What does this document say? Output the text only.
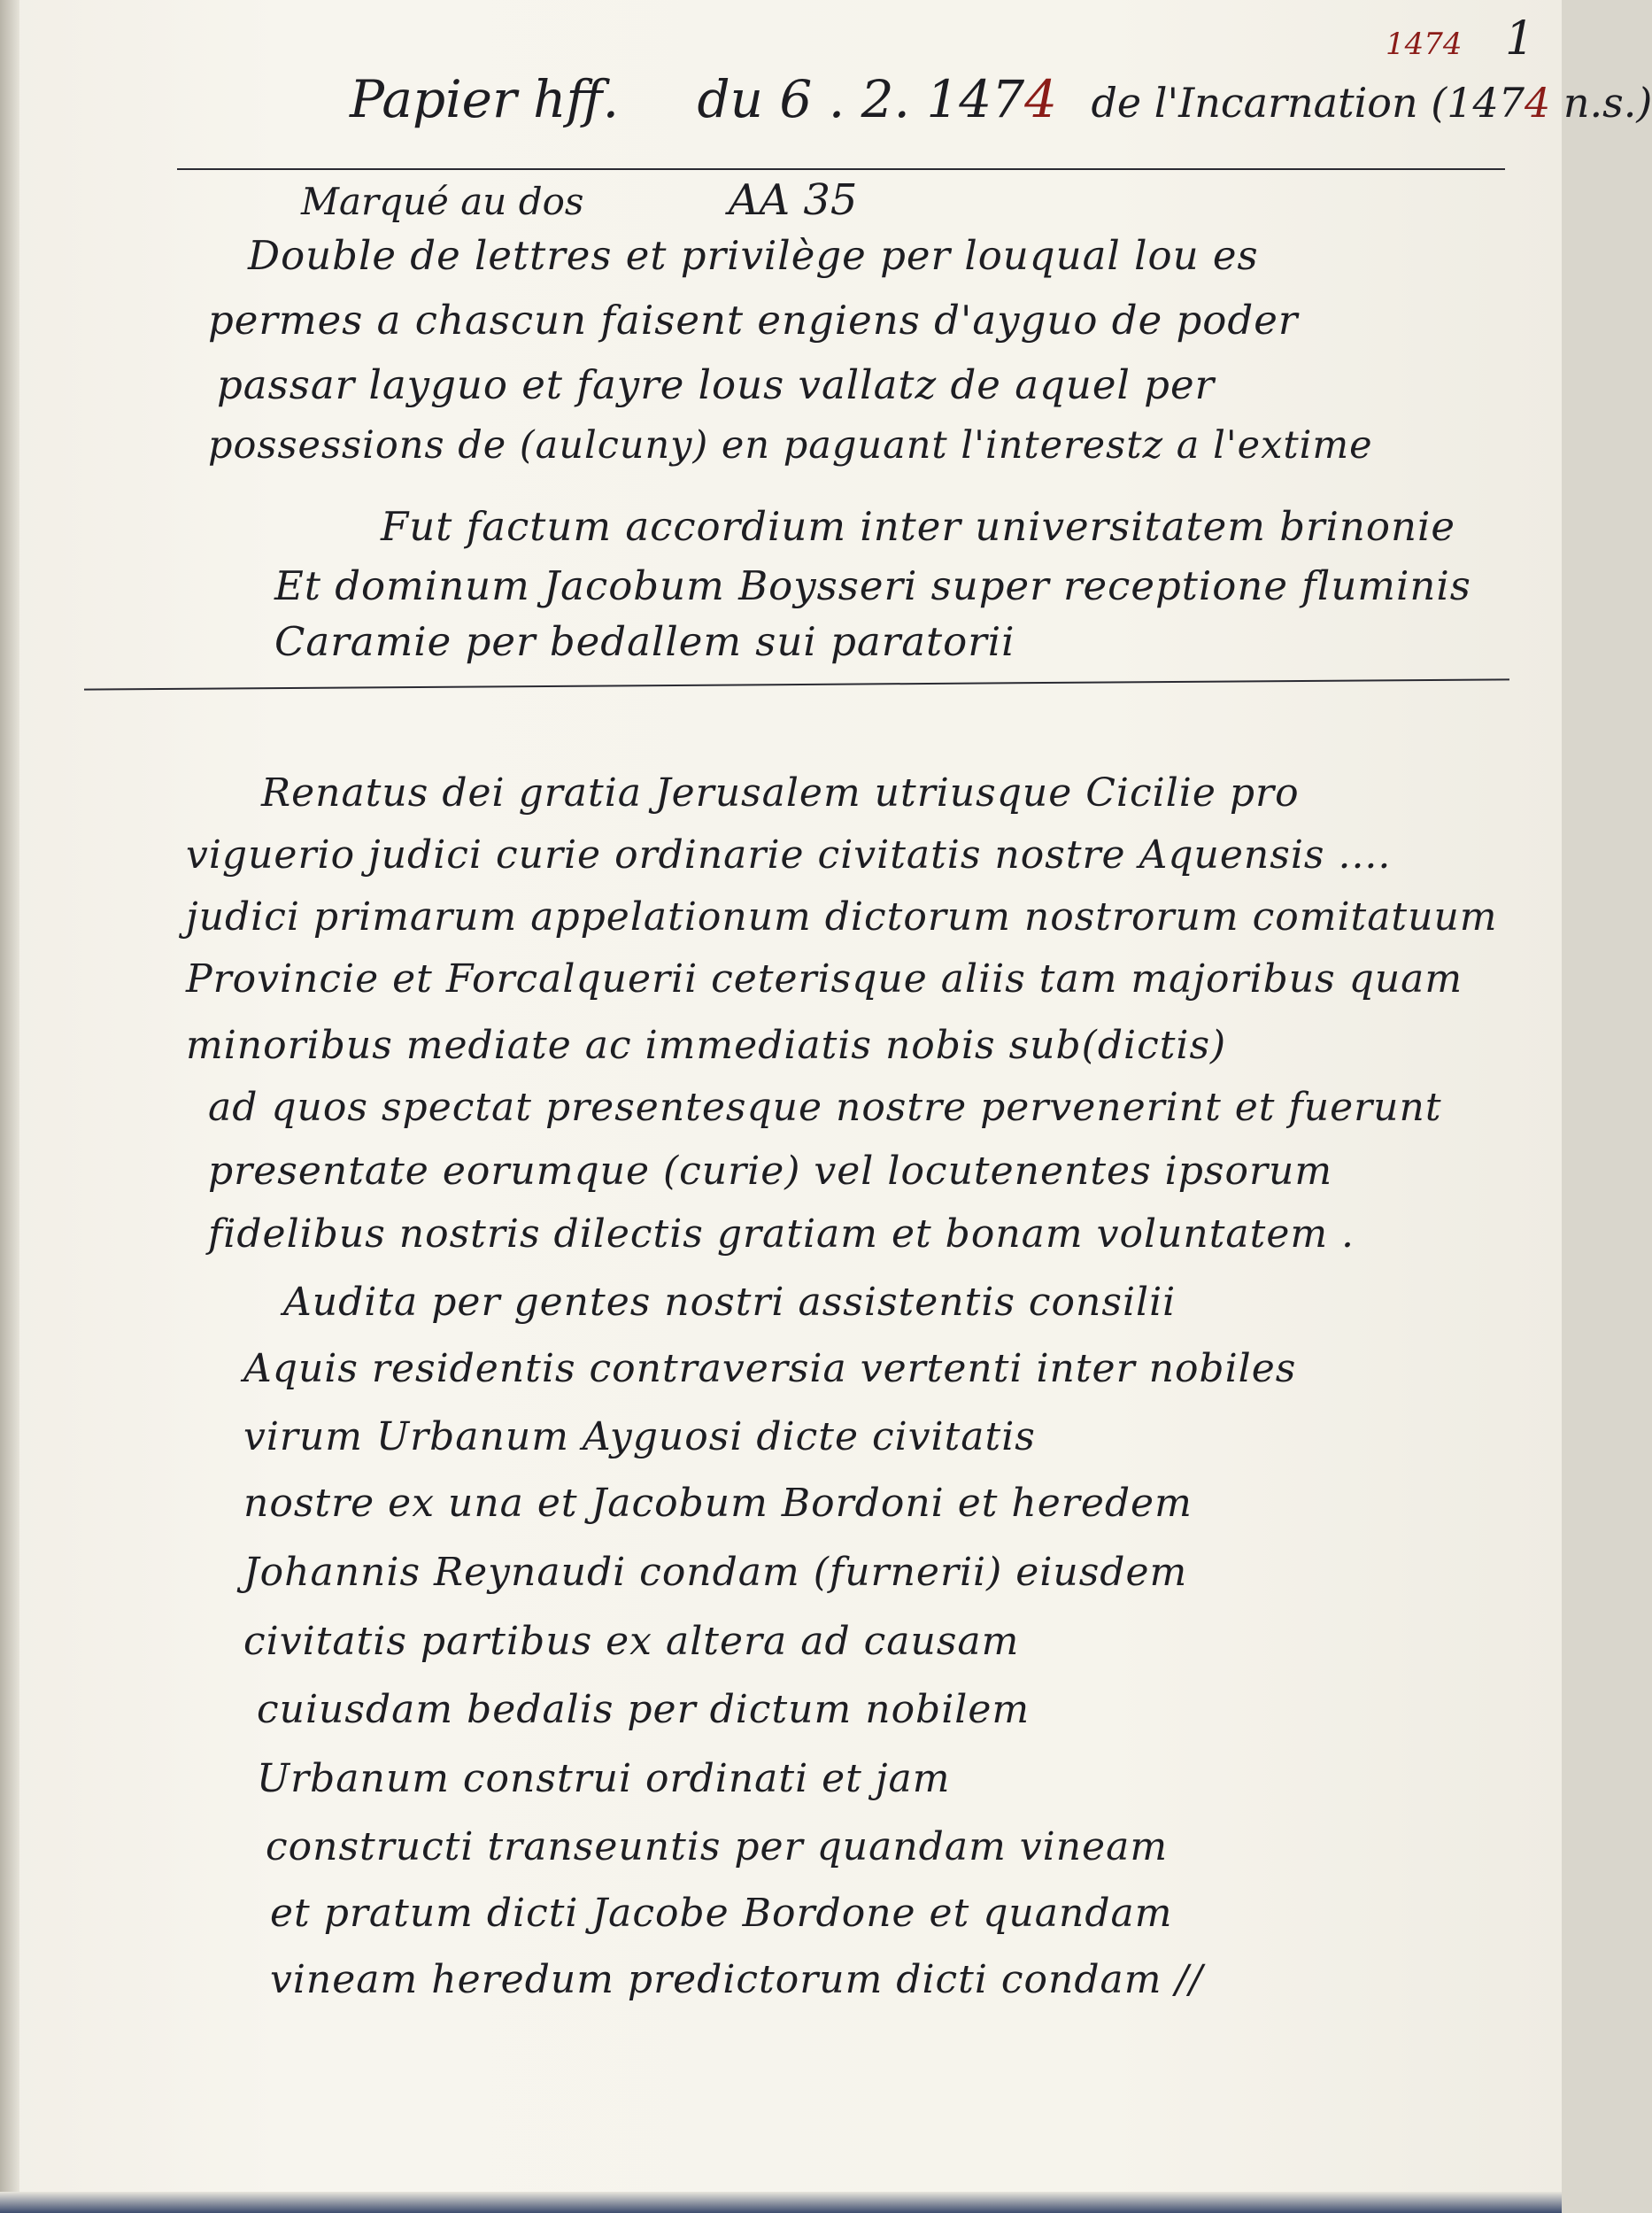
1
1474
Papier hff. du 6 . 2. 1474 de l'Incarnation (1474 n.s.)
Marqué au dos	AA 35
Double de lettres et privilège per louqual lou es
permes a chascun faisent engiens d'ayguo de poder
passar layguo et fayre lous vallatz de aquel per
possessions de (aulcuny) en paguant l'interestz a l'extime
Fut factum accordium inter universitatem brinonie
Et dominum Jacobum Boysseri super receptione fluminis
Caramie per bedallem sui paratorii
Renatus dei gratia Jerusalem utriusque Cicilie pro
viguerio judici curie ordinarie civitatis nostre Aquensis ....
judici primarum appelationum dictorum nostrorum comitatuum
Provincie et Forcalquerii ceterisque aliis tam majoribus quam
minoribus mediate ac immediatis nobis sub(dictis)
ad quos spectat presentesque nostre pervenerint et fuerunt
presentate eorumque (curie) vel locutenentes ipsorum
fidelibus nostris dilectis gratiam et bonam voluntatem .
Audita per gentes nostri assistentis consilii
Aquis residentis contraversia vertenti inter nobiles
virum Urbanum Ayguosi dicte civitatis
nostre ex una et Jacobum Bordoni et heredem
Johannis Reynaudi condam (furnerii) eiusdem
civitatis partibus ex altera ad causam
cuiusdam bedalis per dictum nobilem
Urbanum construi ordinati et jam
constructi transeuntis per quandam vineam
et pratum dicti Jacobe Bordone et quandam
vineam heredum predictorum dicti condam //
